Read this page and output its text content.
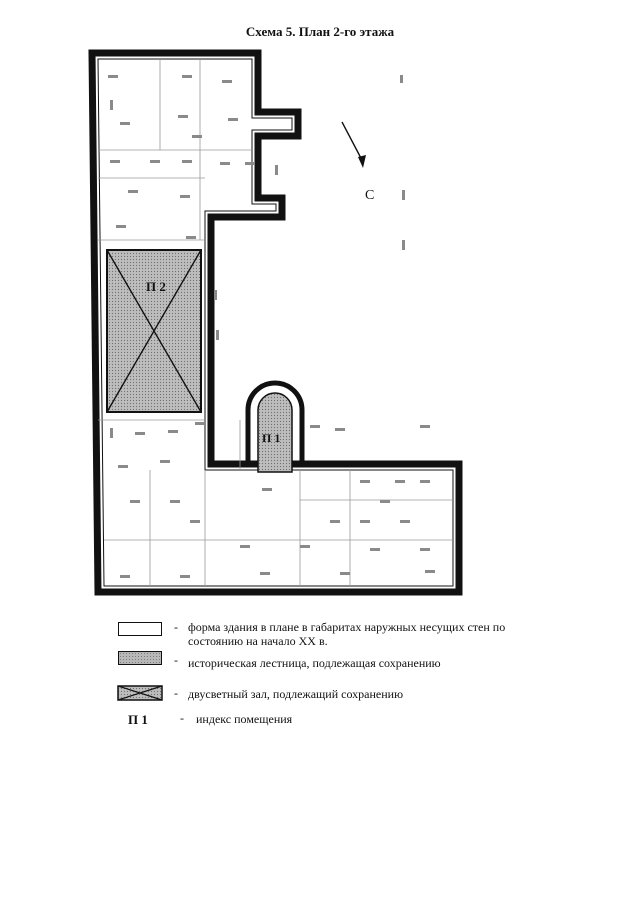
Схема 5. План 2-го этажа
П 2
П 1
С
- форма здания в плане в габаритах наружных несущих стен по состоянию на начало XX в.
- историческая лестница, подлежащая сохранению
- двусветный зал, подлежащий сохранению
П 1	- индекс помещения
